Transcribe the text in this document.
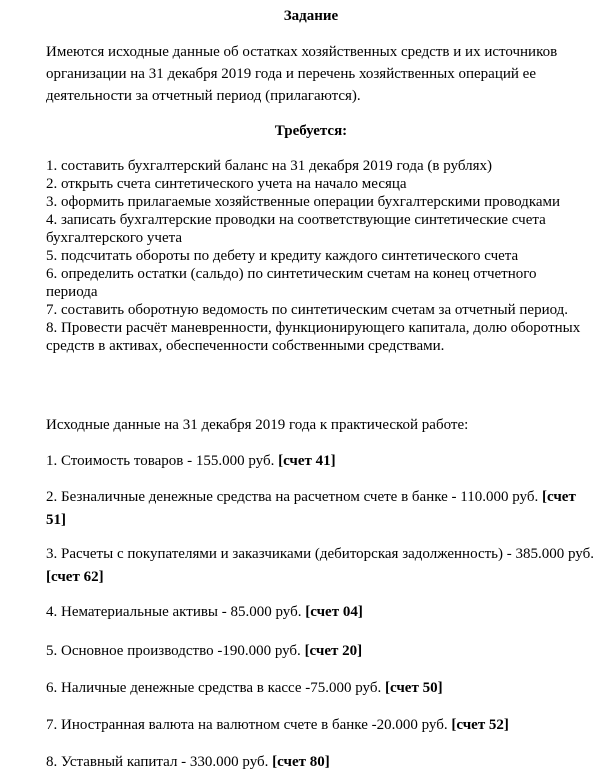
Задание

Имеются исходные данные об остатках хозяйственных средств и их источников организации на 31 декабря 2019 года и перечень хозяйственных операций ее деятельности за отчетный период (прилагаются).

Требуется:

1. составить бухгалтерский баланс на 31 декабря 2019 года (в рублях)
2. открыть счета синтетического учета на начало месяца
3. оформить прилагаемые хозяйственные операции бухгалтерскими проводками
4. записать бухгалтерские проводки на соответствующие синтетические счета бухгалтерского учета
5. подсчитать обороты по дебету и кредиту каждого синтетического счета
6. определить остатки (сальдо) по синтетическим счетам на конец отчетного периода
7. составить оборотную ведомость по синтетическим счетам за отчетный период.
8. Провести расчёт маневренности, функционирующего капитала, долю оборотных средств в активах, обеспеченности собственными средствами.

Исходные данные на 31 декабря 2019 года к практической работе:

1. Стоимость товаров - 155.000 руб. [счет 41]

2. Безналичные денежные средства на расчетном счете в банке - 110.000 руб. [счет 51]

3. Расчеты с покупателями и заказчиками (дебиторская задолженность) - 385.000 руб. [счет 62]

4. Нематериальные активы - 85.000 руб. [счет 04]

5. Основное производство -190.000 руб. [счет 20]

6. Наличные денежные средства в кассе -75.000 руб. [счет 50]

7. Иностранная валюта на валютном счете в банке -20.000 руб. [счет 52]

8. Уставный капитал - 330.000 руб. [счет 80]
